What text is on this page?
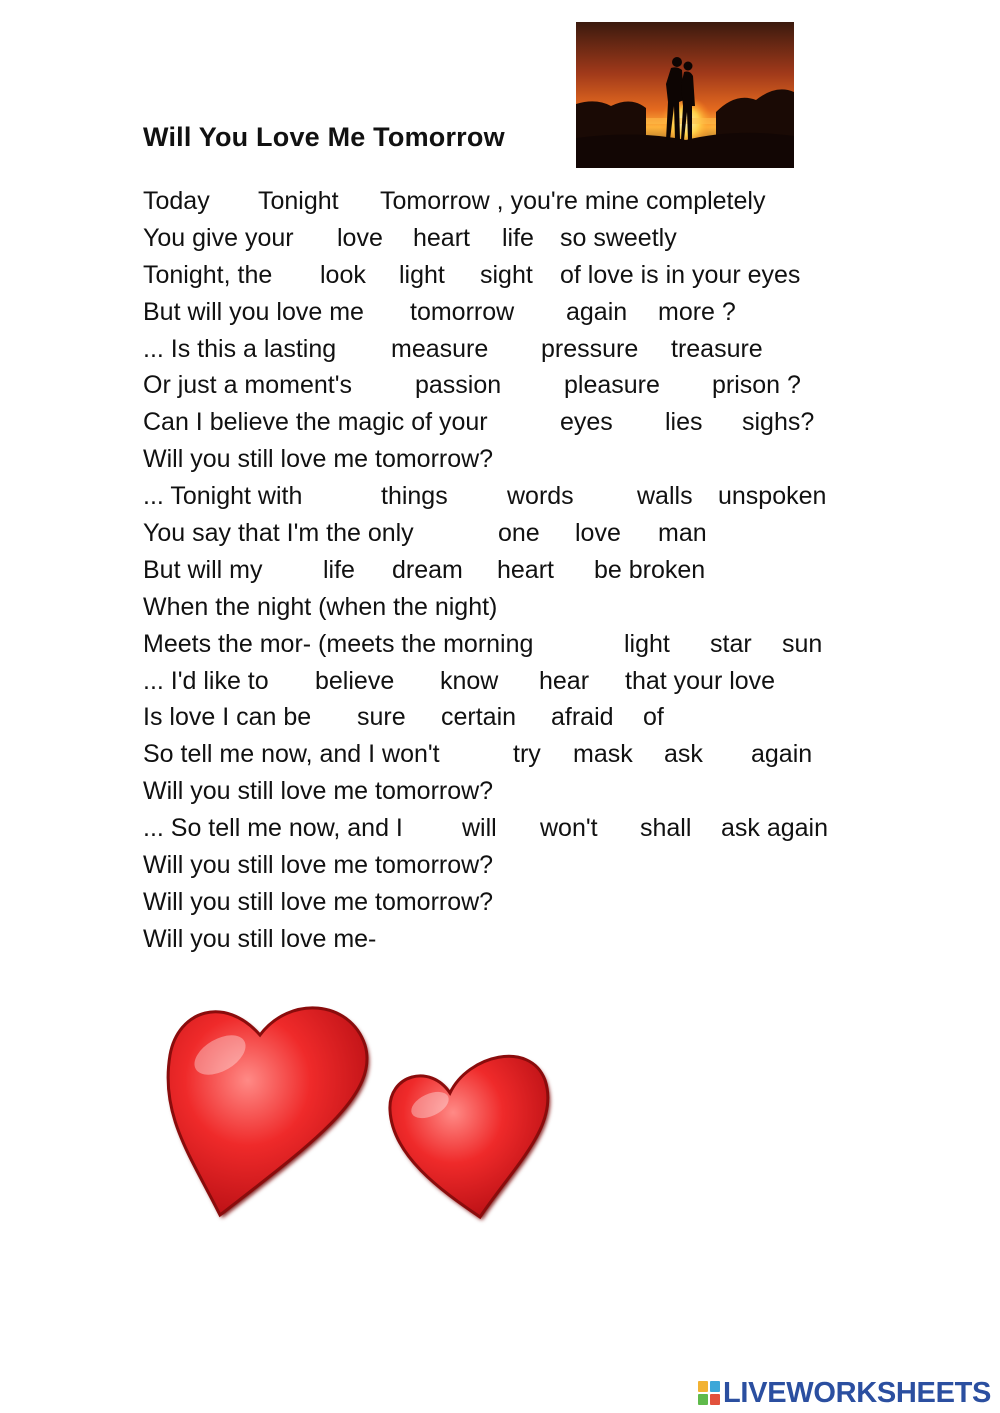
Will You Love Me Tomorrow
Today Tonight Tomorrow , you're mine completely
You give your love heart life so sweetly
Tonight, the look light sight of love is in your eyes
But will you love me tomorrow again more ?
... Is this a lasting measure pressure treasure
Or just a moment's	passion	pleasure prison ?
Can I believe the magic of your	eyes lies sighs?
Will you still love me tomorrow?
... Tonight with	things words	walls unspoken
You say that I'm the only	one love man
But will my life dream heart be broken
When the night (when the night)
Meets the mor- (meets the morning	light star sun
... I'd like to believe know hear that your love
Is love I can be sure certain afraid of
So tell me now, and I won't	try mask ask again
Will you still love me tomorrow?
... So tell me now, and I will won't shall ask again
Will you still love me tomorrow?
Will you still love me tomorrow?
Will you still love me-
LIVEWORKSHEETS
